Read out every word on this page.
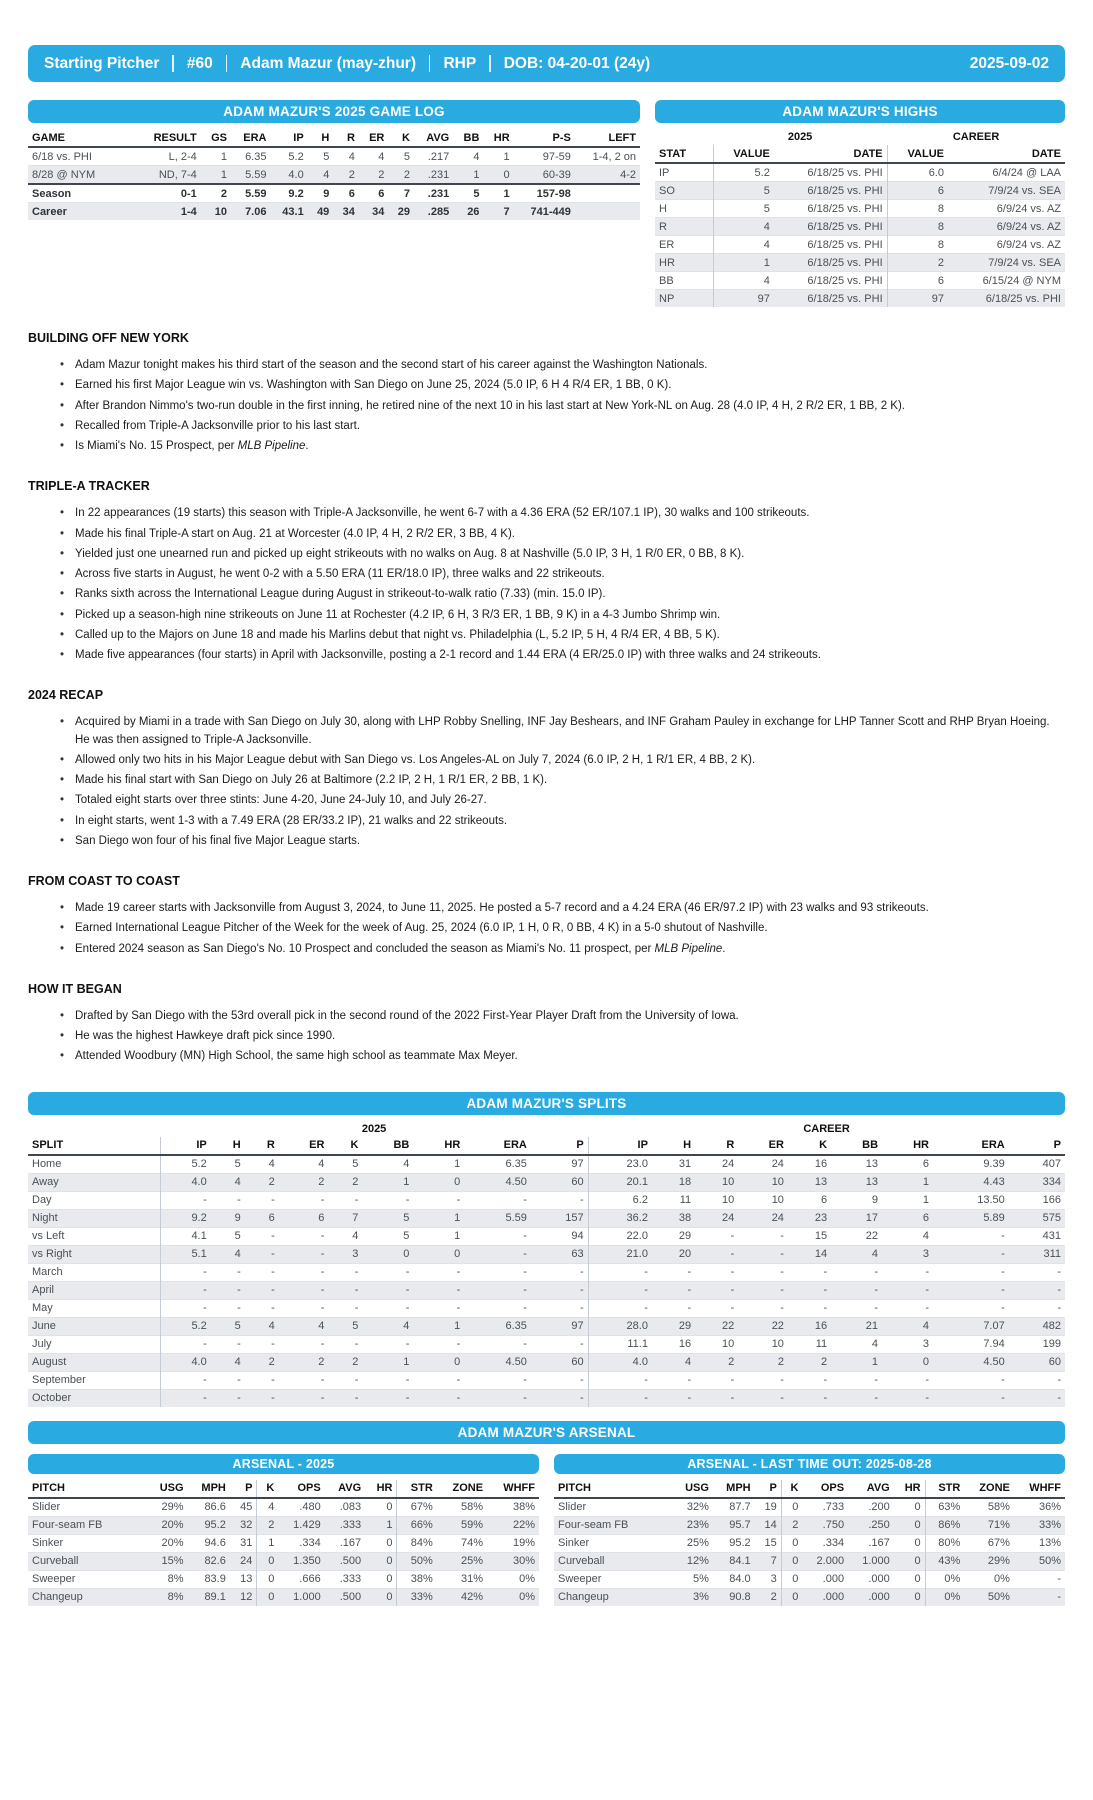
Starting Pitcher #60 Adam Mazur (may-zhur) RHP DOB: 04-20-01 (24y)	2025-09-02
ADAM MAZUR'S 2025 GAME LOG
GAME	RESULT	GS	ERA	IP	H	R	ER	K	AVG	BB	HR	P-S	LEFT
6/18 vs. PHI	L, 2-4	1	6.35	5.2	5	4	4	5	.217	4	1	97-59	1-4, 2 on
8/28 @ NYM	ND, 7-4	1	5.59	4.0	4	2	2	2	.231	1	0	60-39	4-2
Season	0-1	2	5.59	9.2	9	6	6	7	.231	5	1	157-98	
Career	1-4	10	7.06	43.1	49	34	34	29	.285	26	7	741-449	
ADAM MAZUR'S HIGHS
	2025		CAREER	
STAT	VALUE	DATE	VALUE	DATE
IP	5.2	6/18/25 vs. PHI	6.0	6/4/24 @ LAA
SO	5	6/18/25 vs. PHI	6	7/9/24 vs. SEA
H	5	6/18/25 vs. PHI	8	6/9/24 vs. AZ
R	4	6/18/25 vs. PHI	8	6/9/24 vs. AZ
ER	4	6/18/25 vs. PHI	8	6/9/24 vs. AZ
HR	1	6/18/25 vs. PHI	2	7/9/24 vs. SEA
BB	4	6/18/25 vs. PHI	6	6/15/24 @ NYM
NP	97	6/18/25 vs. PHI	97	6/18/25 vs. PHI
BUILDING OFF NEW YORK
• Adam Mazur tonight makes his third start of the season and the second start of his career against the Washington Nationals.
• Earned his first Major League win vs. Washington with San Diego on June 25, 2024 (5.0 IP, 6 H 4 R/4 ER, 1 BB, 0 K).
• After Brandon Nimmo's two-run double in the first inning, he retired nine of the next 10 in his last start at New York-NL on Aug. 28 (4.0 IP, 4 H, 2 R/2 ER, 1 BB, 2 K).
• Recalled from Triple-A Jacksonville prior to his last start.
• Is Miami's No. 15 Prospect, per MLB Pipeline.
TRIPLE-A TRACKER
• In 22 appearances (19 starts) this season with Triple-A Jacksonville, he went 6-7 with a 4.36 ERA (52 ER/107.1 IP), 30 walks and 100 strikeouts.
• Made his final Triple-A start on Aug. 21 at Worcester (4.0 IP, 4 H, 2 R/2 ER, 3 BB, 4 K).
• Yielded just one unearned run and picked up eight strikeouts with no walks on Aug. 8 at Nashville (5.0 IP, 3 H, 1 R/0 ER, 0 BB, 8 K).
• Across five starts in August, he went 0-2 with a 5.50 ERA (11 ER/18.0 IP), three walks and 22 strikeouts.
• Ranks sixth across the International League during August in strikeout-to-walk ratio (7.33) (min. 15.0 IP).
• Picked up a season-high nine strikeouts on June 11 at Rochester (4.2 IP, 6 H, 3 R/3 ER, 1 BB, 9 K) in a 4-3 Jumbo Shrimp win.
• Called up to the Majors on June 18 and made his Marlins debut that night vs. Philadelphia (L, 5.2 IP, 5 H, 4 R/4 ER, 4 BB, 5 K).
• Made five appearances (four starts) in April with Jacksonville, posting a 2-1 record and 1.44 ERA (4 ER/25.0 IP) with three walks and 24 strikeouts.
2024 RECAP
• Acquired by Miami in a trade with San Diego on July 30, along with LHP Robby Snelling, INF Jay Beshears, and INF Graham Pauley in exchange for LHP Tanner Scott and RHP Bryan Hoeing. He was then assigned to Triple-A Jacksonville.
• Allowed only two hits in his Major League debut with San Diego vs. Los Angeles-AL on July 7, 2024 (6.0 IP, 2 H, 1 R/1 ER, 4 BB, 2 K).
• Made his final start with San Diego on July 26 at Baltimore (2.2 IP, 2 H, 1 R/1 ER, 2 BB, 1 K).
• Totaled eight starts over three stints: June 4-20, June 24-July 10, and July 26-27.
• In eight starts, went 1-3 with a 7.49 ERA (28 ER/33.2 IP), 21 walks and 22 strikeouts.
• San Diego won four of his final five Major League starts.
FROM COAST TO COAST
• Made 19 career starts with Jacksonville from August 3, 2024, to June 11, 2025. He posted a 5-7 record and a 4.24 ERA (46 ER/97.2 IP) with 23 walks and 93 strikeouts.
• Earned International League Pitcher of the Week for the week of Aug. 25, 2024 (6.0 IP, 1 H, 0 R, 0 BB, 4 K) in a 5-0 shutout of Nashville.
• Entered 2024 season as San Diego's No. 10 Prospect and concluded the season as Miami's No. 11 prospect, per MLB Pipeline.
HOW IT BEGAN
• Drafted by San Diego with the 53rd overall pick in the second round of the 2022 First-Year Player Draft from the University of Iowa.
• He was the highest Hawkeye draft pick since 1990.
• Attended Woodbury (MN) High School, the same high school as teammate Max Meyer.
ADAM MAZUR'S SPLITS
	2025									CAREER								
SPLIT	IP	H	R	ER	K	BB	HR	ERA	P	IP	H	R	ER	K	BB	HR	ERA	P
Home	5.2	5	4	4	5	4	1	6.35	97	23.0	31	24	24	16	13	6	9.39	407
Away	4.0	4	2	2	2	1	0	4.50	60	20.1	18	10	10	13	13	1	4.43	334
Day	-	-	-	-	-	-	-	-	-	6.2	11	10	10	6	9	1	13.50	166
Night	9.2	9	6	6	7	5	1	5.59	157	36.2	38	24	24	23	17	6	5.89	575
vs Left	4.1	5	-	-	4	5	1	-	94	22.0	29	-	-	15	22	4	-	431
vs Right	5.1	4	-	-	3	0	0	-	63	21.0	20	-	-	14	4	3	-	311
March	-	-	-	-	-	-	-	-	-	-	-	-	-	-	-	-	-	-
April	-	-	-	-	-	-	-	-	-	-	-	-	-	-	-	-	-	-
May	-	-	-	-	-	-	-	-	-	-	-	-	-	-	-	-	-	-
June	5.2	5	4	4	5	4	1	6.35	97	28.0	29	22	22	16	21	4	7.07	482
July	-	-	-	-	-	-	-	-	-	11.1	16	10	10	11	4	3	7.94	199
August	4.0	4	2	2	2	1	0	4.50	60	4.0	4	2	2	2	1	0	4.50	60
September	-	-	-	-	-	-	-	-	-	-	-	-	-	-	-	-	-	-
October	-	-	-	-	-	-	-	-	-	-	-	-	-	-	-	-	-	-
ADAM MAZUR'S ARSENAL
ARSENAL - 2025
PITCH	USG	MPH	P	K	OPS	AVG	HR	STR	ZONE	WHFF
Slider	29%	86.6	45	4	.480	.083	0	67%	58%	38%
Four-seam FB	20%	95.2	32	2	1.429	.333	1	66%	59%	22%
Sinker	20%	94.6	31	1	.334	.167	0	84%	74%	19%
Curveball	15%	82.6	24	0	1.350	.500	0	50%	25%	30%
Sweeper	8%	83.9	13	0	.666	.333	0	38%	31%	0%
Changeup	8%	89.1	12	0	1.000	.500	0	33%	42%	0%
ARSENAL - LAST TIME OUT: 2025-08-28
PITCH	USG	MPH	P	K	OPS	AVG	HR	STR	ZONE	WHFF
Slider	32%	87.7	19	0	.733	.200	0	63%	58%	36%
Four-seam FB	23%	95.7	14	2	.750	.250	0	86%	71%	33%
Sinker	25%	95.2	15	0	.334	.167	0	80%	67%	13%
Curveball	12%	84.1	7	0	2.000	1.000	0	43%	29%	50%
Sweeper	5%	84.0	3	0	.000	.000	0	0%	0%	-
Changeup	3%	90.8	2	0	.000	.000	0	0%	50%	-
